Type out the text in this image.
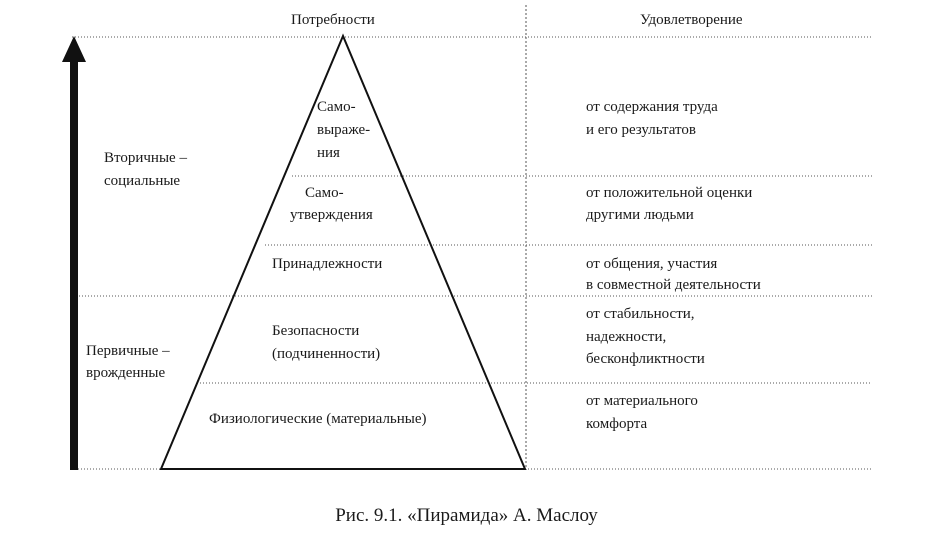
Потребности	Удовлетворение
Вторичные –
социальные
Первичные –
врожденные
Само-
выраже-
ния
Само-
утверждения
Принадлежности
Безопасности
(подчиненности)
Физиологические (материальные)
от содержания труда
и его результатов
от положительной оценки
другими людьми
от общения, участия
в совместной деятельности
от стабильности,
надежности,
бесконфликтности
от материального
комфорта
Рис. 9.1. «Пирамида» А. Маслоу
